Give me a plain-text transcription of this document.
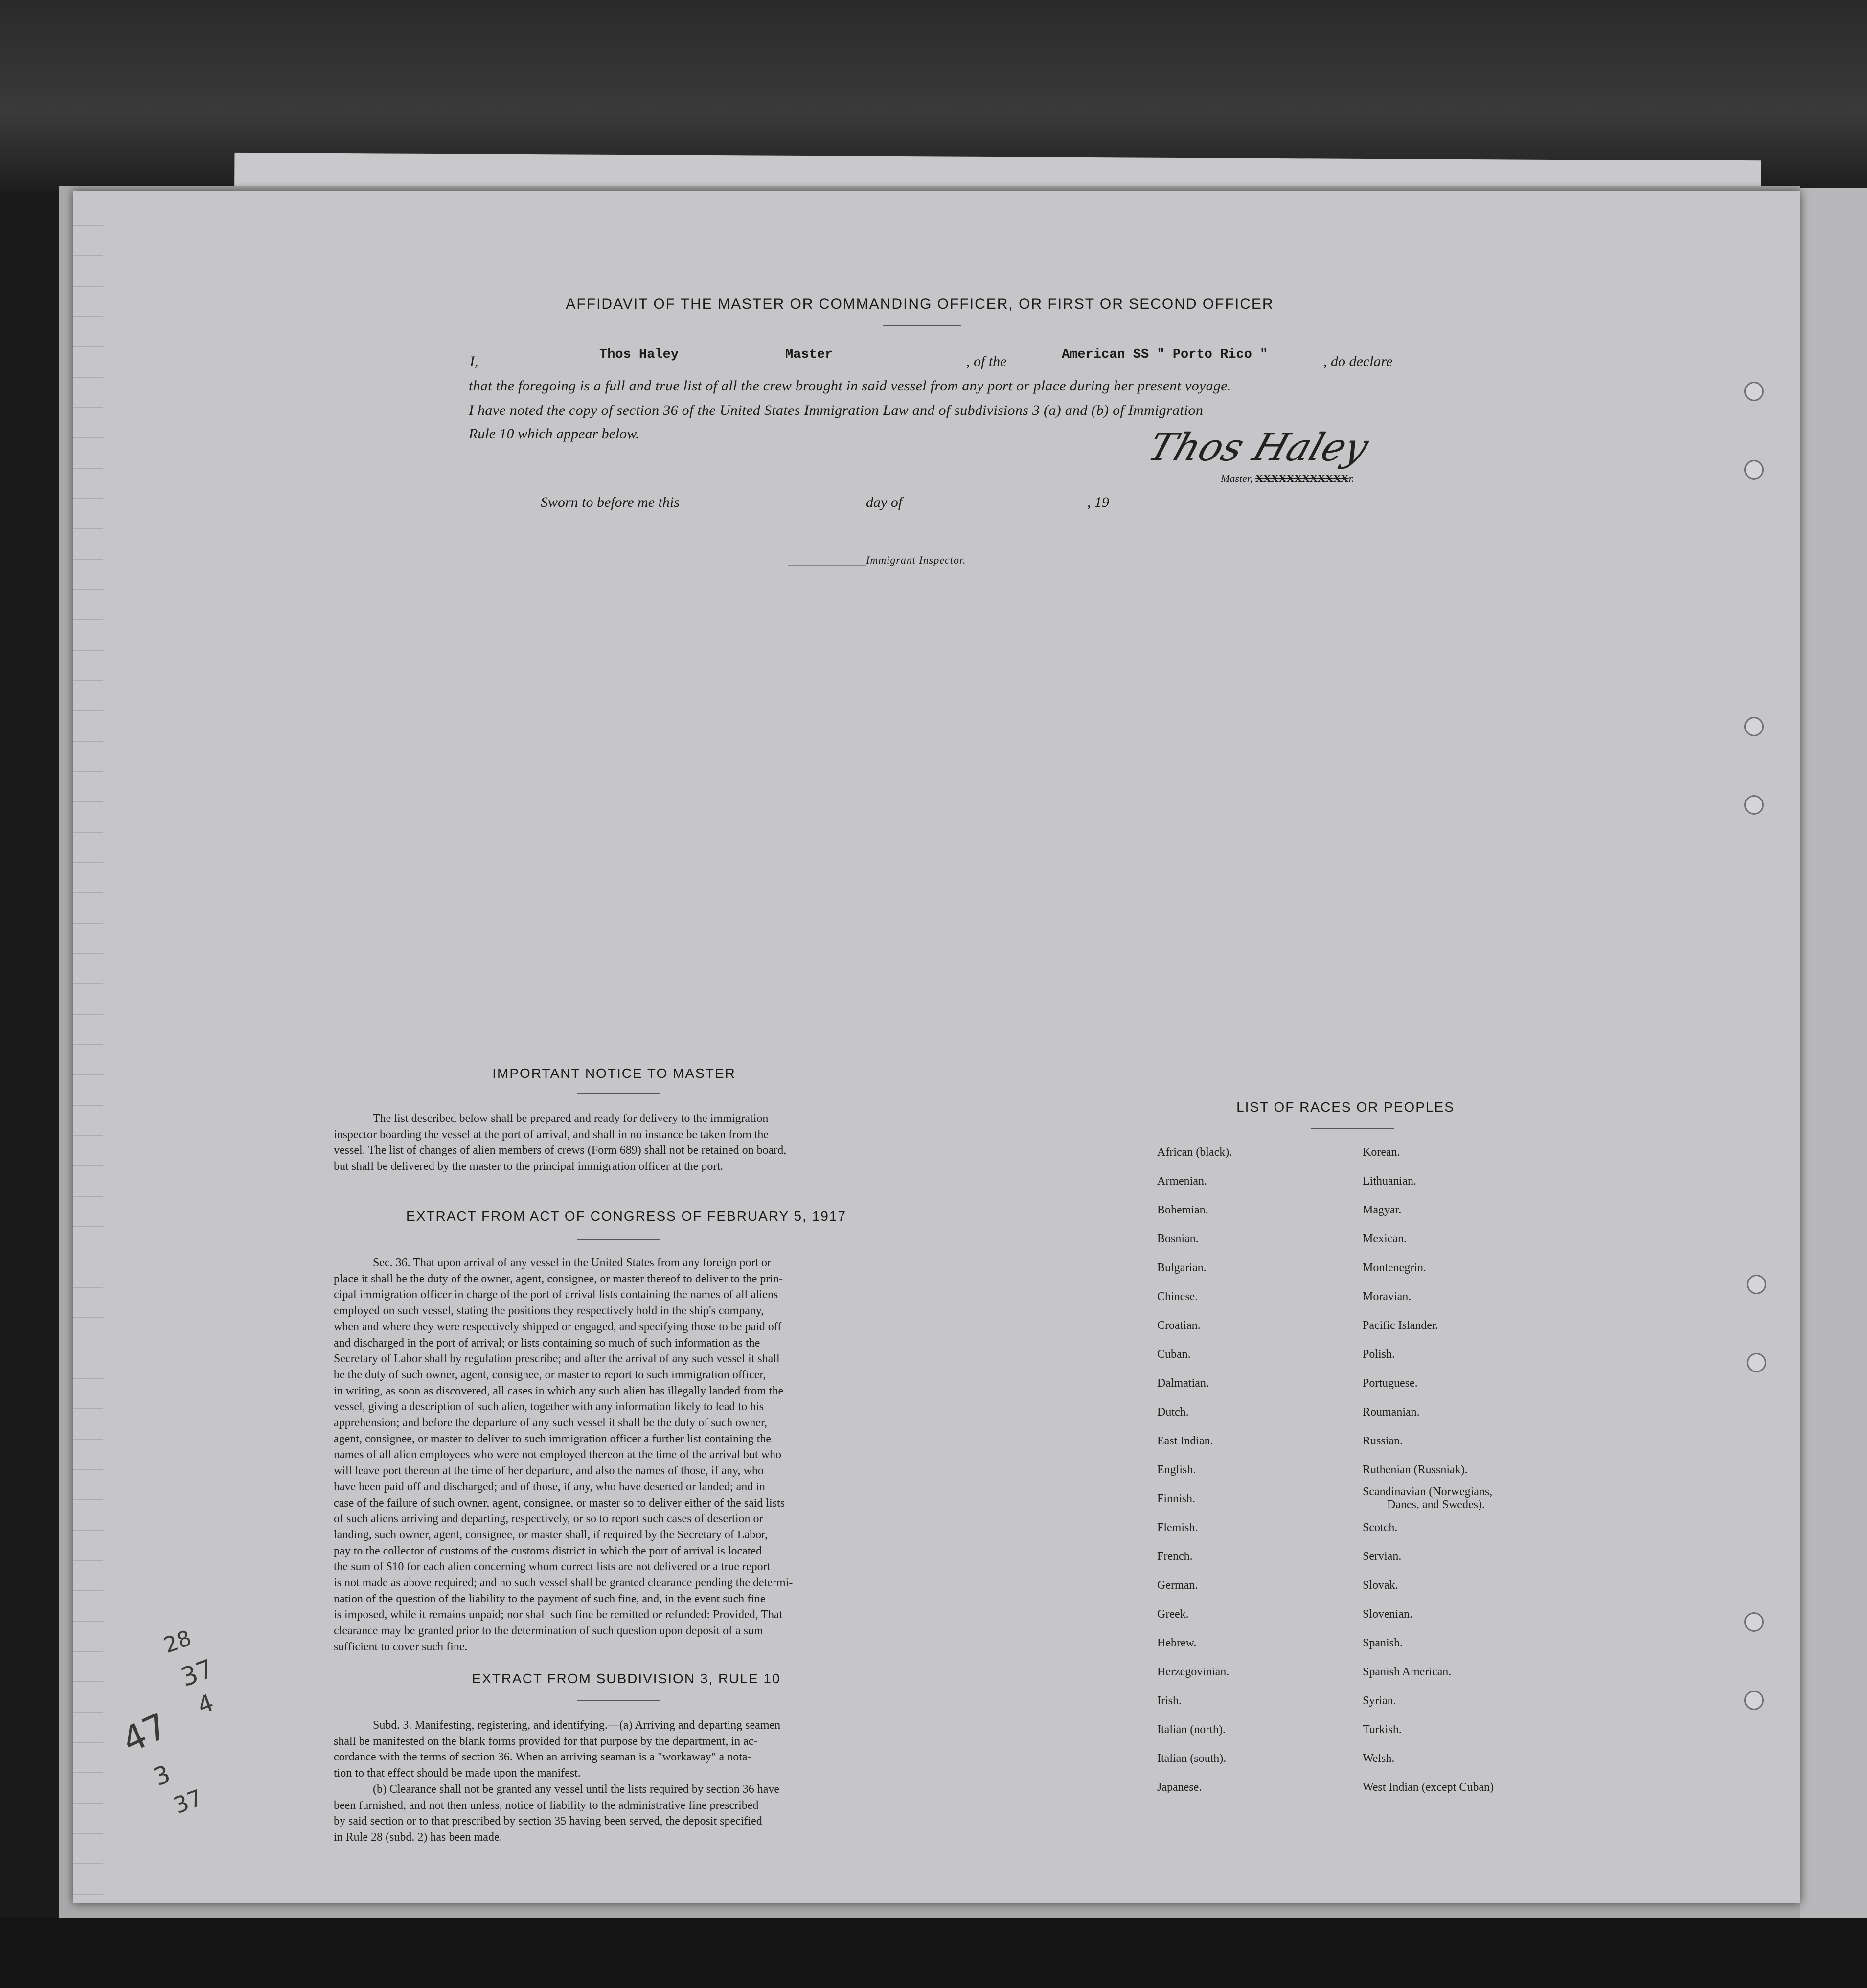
AFFIDAVIT OF THE MASTER OR COMMANDING OFFICER, OR FIRST OR SECOND OFFICER
I,	Thos Haley	Master	, of the	American SS " Porto Rico "	, do declare
that the foregoing is a full and true list of all the crew brought in said vessel from any port or place during her present voyage.
I have noted the copy of section 36 of the United States Immigration Law and of subdivisions 3 (a) and (b) of Immigration
Rule 10 which appear below.	Thos Haley
Master, XXXXXXXXXXXXr.
Sworn to before me this	day of	, 19
Immigrant Inspector.
IMPORTANT NOTICE TO MASTER
The list described below shall be prepared and ready for delivery to the immigration
inspector boarding the vessel at the port of arrival, and shall in no instance be taken from the
vessel. The list of changes of alien members of crews (Form 689) shall not be retained on board,
but shall be delivered by the master to the principal immigration officer at the port.
EXTRACT FROM ACT OF CONGRESS OF FEBRUARY 5, 1917
Sec. 36. That upon arrival of any vessel in the United States from any foreign port or
place it shall be the duty of the owner, agent, consignee, or master thereof to deliver to the prin-
cipal immigration officer in charge of the port of arrival lists containing the names of all aliens
employed on such vessel, stating the positions they respectively hold in the ship's company,
when and where they were respectively shipped or engaged, and specifying those to be paid off
and discharged in the port of arrival; or lists containing so much of such information as the
Secretary of Labor shall by regulation prescribe; and after the arrival of any such vessel it shall
be the duty of such owner, agent, consignee, or master to report to such immigration officer,
in writing, as soon as discovered, all cases in which any such alien has illegally landed from the
vessel, giving a description of such alien, together with any information likely to lead to his
apprehension; and before the departure of any such vessel it shall be the duty of such owner,
agent, consignee, or master to deliver to such immigration officer a further list containing the
names of all alien employees who were not employed thereon at the time of the arrival but who
will leave port thereon at the time of her departure, and also the names of those, if any, who
have been paid off and discharged; and of those, if any, who have deserted or landed; and in
case of the failure of such owner, agent, consignee, or master so to deliver either of the said lists
of such aliens arriving and departing, respectively, or so to report such cases of desertion or
landing, such owner, agent, consignee, or master shall, if required by the Secretary of Labor,
pay to the collector of customs of the customs district in which the port of arrival is located
the sum of $10 for each alien concerning whom correct lists are not delivered or a true report
is not made as above required; and no such vessel shall be granted clearance pending the determi-
nation of the question of the liability to the payment of such fine, and, in the event such fine
is imposed, while it remains unpaid; nor shall such fine be remitted or refunded: Provided, That
clearance may be granted prior to the determination of such question upon deposit of a sum
sufficient to cover such fine.
EXTRACT FROM SUBDIVISION 3, RULE 10
Subd. 3. Manifesting, registering, and identifying.—(a) Arriving and departing seamen
shall be manifested on the blank forms provided for that purpose by the department, in ac-
cordance with the terms of section 36. When an arriving seaman is a "workaway" a nota-
tion to that effect should be made upon the manifest.
(b) Clearance shall not be granted any vessel until the lists required by section 36 have
been furnished, and not then unless, notice of liability to the administrative fine prescribed
by said section or to that prescribed by section 35 having been served, the deposit specified
in Rule 28 (subd. 2) has been made.
LIST OF RACES OR PEOPLES
African (black).
Armenian.
Bohemian.
Bosnian.
Bulgarian.
Chinese.
Croatian.
Cuban.
Dalmatian.
Dutch.
East Indian.
English.
Finnish.
Flemish.
French.
German.
Greek.
Hebrew.
Herzegovinian.
Irish.
Italian (north).
Italian (south).
Japanese.
Korean.
Lithuanian.
Magyar.
Mexican.
Montenegrin.
Moravian.
Pacific Islander.
Polish.
Portuguese.
Roumanian.
Russian.
Ruthenian (Russniak).
Scandinavian (Norwegians,
Danes, and Swedes).
Scotch.
Servian.
Slovak.
Slovenian.
Spanish.
Spanish American.
Syrian.
Turkish.
Welsh.
West Indian (except Cuban)
28
37
4
47
3
37
